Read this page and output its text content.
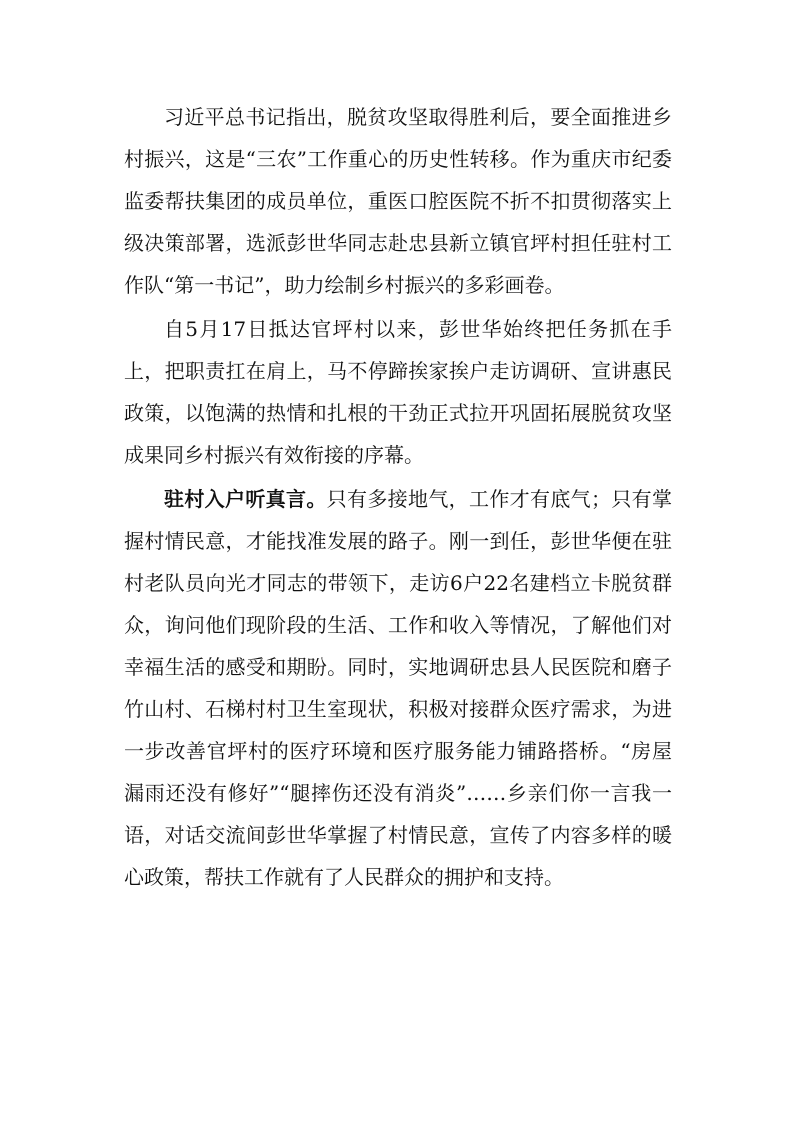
习近平总书记指出，脱贫攻坚取得胜利后，要全面推进乡村振兴，这是“三农”工作重心的历史性转移。作为重庆市纪委监委帮扶集团的成员单位，重医口腔医院不折不扣贯彻落实上级决策部署，选派彭世华同志赴忠县新立镇官坪村担任驻村工作队“第一书记”，助力绘制乡村振兴的多彩画卷。

自5月17日抵达官坪村以来，彭世华始终把任务抓在手上，把职责扛在肩上，马不停蹄挨家挨户走访调研、宣讲惠民政策，以饱满的热情和扎根的干劲正式拉开巩固拓展脱贫攻坚成果同乡村振兴有效衔接的序幕。

驻村入户听真言。只有多接地气，工作才有底气；只有掌握村情民意，才能找准发展的路子。刚一到任，彭世华便在驻村老队员向光才同志的带领下，走访6户22名建档立卡脱贫群众，询问他们现阶段的生活、工作和收入等情况，了解他们对幸福生活的感受和期盼。同时，实地调研忠县人民医院和磨子竹山村、石梯村村卫生室现状，积极对接群众医疗需求，为进一步改善官坪村的医疗环境和医疗服务能力铺路搭桥。“房屋漏雨还没有修好”“腿摔伤还没有消炎”……乡亲们你一言我一语，对话交流间彭世华掌握了村情民意，宣传了内容多样的暖心政策，帮扶工作就有了人民群众的拥护和支持。
